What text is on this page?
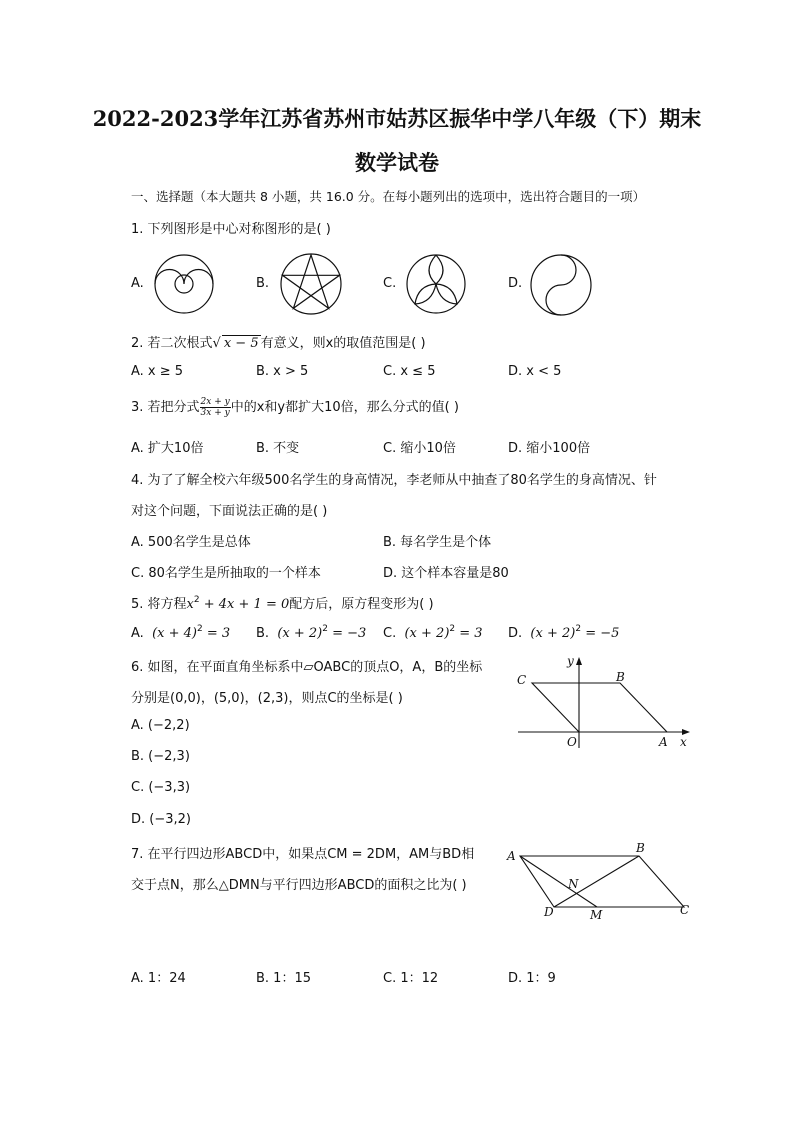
2022-2023学年江苏省苏州市姑苏区振华中学八年级（下）期末
数学试卷
一、选择题（本大题共 8 小题，共 16.0 分。在每小题列出的选项中，选出符合题目的一项）
1. 下列图形是中心对称图形的是( )
A.	B.	C.	D.
2. 若二次根式√ x − 5 有意义，则x的取值范围是( )
A. x ≥ 5	B. x > 5	C. x ≤ 5	D. x < 5
3. 若把分式 $\frac{2x + y}{3x + y}$ 中的x和y都扩大10倍，那么分式的值( )
A. 扩大10倍	B. 不变	C. 缩小10倍	D. 缩小100倍
4. 为了了解全校六年级500名学生的身高情况，李老师从中抽查了80名学生的身高情况、针
对这个问题，下面说法正确的是( )
A. 500名学生是总体	B. 每名学生是个体
C. 80名学生是所抽取的一个样本	D. 这个样本容量是80
5. 将方程$x^2 + 4x + 1 = 0$配方后，原方程变形为( )
A. $(x + 4)^2 = 3$ B. $(x + 2)^2 = -3$ C. $(x + 2)^2 = 3$ D. $(x + 2)^2 = -5$
6. 如图，在平面直角坐标系中▱OABC的顶点O，A，B的坐标
分别是(0,0)，(5,0)，(2,3)，则点C的坐标是( )
A. (−2,2)
B. (−2,3)
C. (−3,3)
D. (−3,2)
y
x
O	A
B
C
7. 在平行四边形ABCD中，如果点CM = 2DM，AM与BD相
交于点N，那么△DMN与平行四边形ABCD的面积之比为( )
A
B
C
D	M
N
A. 1：24	B. 1：15	C. 1：12	D. 1：9
